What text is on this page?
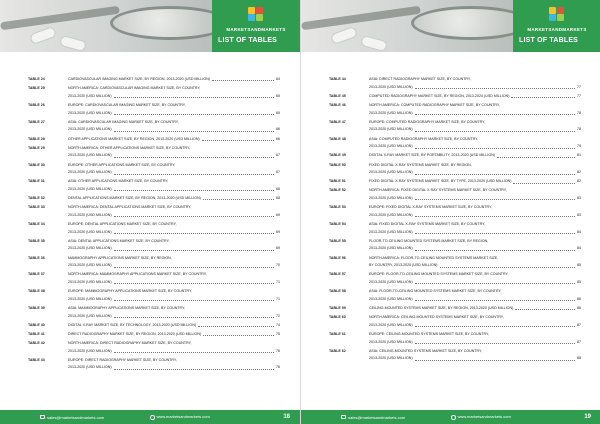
MARKETSANDMARKETS
LIST OF TABLES
TABLE 24	CARDIOVASCULAR IMAGING MARKET SIZE, BY REGION, 2013-2020 (USD MILLION)	64
TABLE 25	NORTH AMERICA: CARDIOVASCULAR IMAGING MARKET SIZE, BY COUNTRY,
2013-2020 (USD MILLION)	65
TABLE 26	EUROPE: CARDIOVASCULAR IMAGING MARKET SIZE, BY COUNTRY,
2013-2020 (USD MILLION)	65
TABLE 27	ASIA: CARDIOVASCULAR IMAGING MARKET SIZE, BY COUNTRY,
2013-2020 (USD MILLION)	66
TABLE 28	OTHER APPLICATIONS MARKET SIZE, BY REGION, 2013-2020 (USD MILLION)	66
TABLE 29	NORTH AMERICA: OTHER APPLICATIONS MARKET SIZE, BY COUNTRY,
2013-2020 (USD MILLION)	67
TABLE 30	EUROPE: OTHER APPLICATIONS MARKET SIZE, BY COUNTRY,
2013-2020 (USD MILLION)	67
TABLE 31	ASIA: OTHER APPLICATIONS MARKET SIZE, BY COUNTRY,
2013-2020 (USD MILLION)	68
TABLE 32	DENTAL APPLICATIONS MARKET SIZE, BY REGION, 2013-2020 (USD MILLION)	68
TABLE 33	NORTH AMERICA: DENTAL APPLICATIONS MARKET SIZE, BY COUNTRY,
2013-2020 (USD MILLION)	69
TABLE 34	EUROPE: DENTAL APPLICATIONS MARKET SIZE, BY COUNTRY,
2013-2020 (USD MILLION)	69
TABLE 35	ASIA: DENTAL APPLICATIONS MARKET SIZE, BY COUNTRY,
2013-2020 (USD MILLION)	69
TABLE 36	MAMMOGRAPHY APPLICATIONS MARKET SIZE, BY REGION,
2013-2020 (USD MILLION)	70
TABLE 37	NORTH AMERICA: MAMMOGRAPHY APPLICATIONS MARKET SIZE, BY COUNTRY,
2013-2020 (USD MILLION)	71
TABLE 38	EUROPE: MAMMOGRAPHY APPLICATIONS MARKET SIZE, BY COUNTRY,
2013-2020 (USD MILLION)	71
TABLE 39	ASIA: MAMMOGRAPHY APPLICATIONS MARKET SIZE, BY COUNTRY,
2013-2020 (USD MILLION)	72
TABLE 40	DIGITAL X-RAY MARKET SIZE, BY TECHNOLOGY, 2013-2020 (USD MILLION)	74
TABLE 41	DIRECT RADIOGRAPHY MARKET SIZE, BY REGION, 2013-2020 (USD MILLION)	75
TABLE 42	NORTH AMERICA: DIRECT RADIOGRAPHY MARKET SIZE, BY COUNTRY,
2013-2020 (USD MILLION)	76
TABLE 43	EUROPE: DIRECT RADIOGRAPHY MARKET SIZE, BY COUNTRY,
2013-2020 (USD MILLION)	76
sales@marketsandmarkets.com	www.marketsandmarkets.com	18
MARKETSANDMARKETS
LIST OF TABLES
TABLE 44	ASIA: DIRECT RADIOGRAPHY MARKET SIZE, BY COUNTRY,
2013-2020 (USD MILLION)	77
TABLE 45	COMPUTED RADIOGRAPHY MARKET SIZE, BY REGION, 2013-2020 (USD MILLION)	77
TABLE 46	NORTH AMERICA: COMPUTED RADIOGRAPHY MARKET SIZE, BY COUNTRY,
2013-2020 (USD MILLION)	78
TABLE 47	EUROPE: COMPUTED RADIOGRAPHY MARKET SIZE, BY COUNTRY,
2013-2020 (USD MILLION)	78
TABLE 48	ASIA: COMPUTED RADIOGRAPHY MARKET SIZE, BY COUNTRY,
2013-2020 (USD MILLION)	79
TABLE 49	DIGITAL X-RAY MARKET SIZE, BY PORTABILITY, 2013-2020 (USD MILLION)	81
TABLE 50	FIXED DIGITAL X-RAY SYSTEMS MARKET SIZE, BY REGION,
2013-2020 (USD MILLION)	82
TABLE 51	FIXED DIGITAL X-RAY SYSTEMS MARKET SIZE, BY TYPE, 2013-2020 (USD MILLION)	82
TABLE 52	NORTH AMERICA: FIXED DIGITAL X-RAY SYSTEMS MARKET SIZE, BY COUNTRY,
2013-2020 (USD MILLION)	83
TABLE 53	EUROPE: FIXED DIGITAL X-RAY SYSTEMS MARKET SIZE, BY COUNTRY,
2013-2020 (USD MILLION)	83
TABLE 54	ASIA: FIXED DIGITAL X-RAY SYSTEMS MARKET SIZE, BY COUNTRY,
2013-2020 (USD MILLION)	84
TABLE 55	FLOOR-TO-CEILING MOUNTED SYSTEMS MARKET SIZE, BY REGION,
2013-2020 (USD MILLION)	84
TABLE 56	NORTH AMERICA: FLOOR-TO-CEILING MOUNTED SYSTEMS MARKET SIZE,
BY COUNTRY, 2013-2020 (USD MILLION)	85
TABLE 57	EUROPE: FLOOR-TO-CEILING MOUNTED SYSTEMS MARKET SIZE, BY COUNTRY,
2013-2020 (USD MILLION)	85
TABLE 58	ASIA: FLOOR-TO-CEILING MOUNTED SYSTEMS MARKET SIZE, BY COUNTRY,
2013-2020 (USD MILLION)	86
TABLE 59	CEILING-MOUNTED SYSTEMS MARKET SIZE, BY REGION, 2013-2020 (USD MILLION)	86
TABLE 60	NORTH AMERICA: CEILING-MOUNTED SYSTEMS MARKET SIZE, BY COUNTRY,
2013-2020 (USD MILLION)	87
TABLE 61	EUROPE: CEILING-MOUNTED SYSTEMS MARKET SIZE, BY COUNTRY,
2013-2020 (USD MILLION)	87
TABLE 62	ASIA: CEILING-MOUNTED SYSTEMS MARKET SIZE, BY COUNTRY,
2013-2020 (USD MILLION)	88
sales@marketsandmarkets.com	www.marketsandmarkets.com	19
